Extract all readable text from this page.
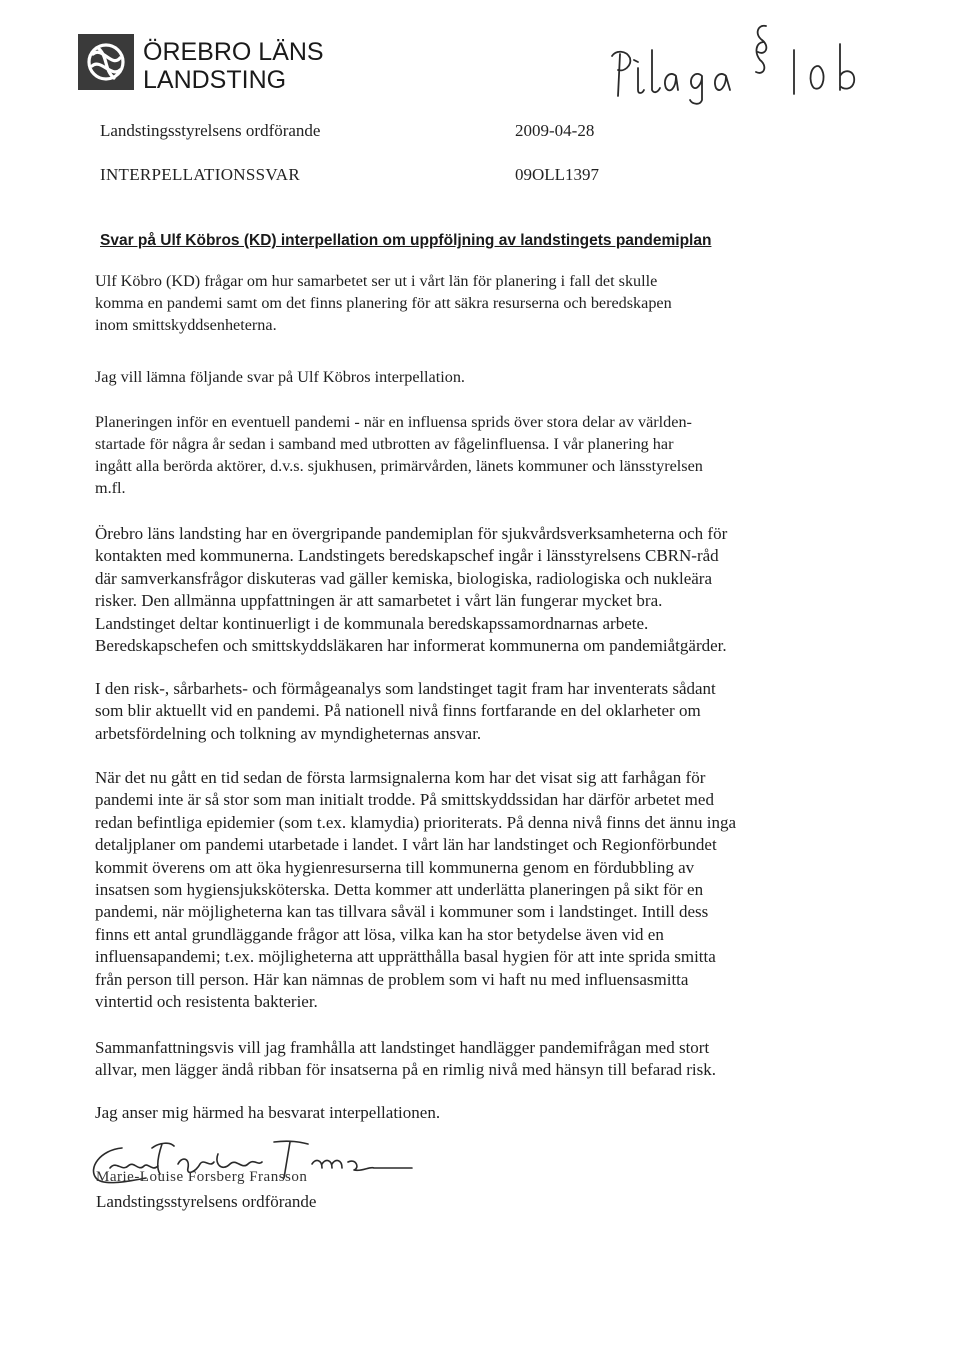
ÖREBRO LÄNS
LANDSTING
Landstingsstyrelsens ordförande	2009-04-28
INTERPELLATIONSSVAR	09OLL1397
Svar på Ulf Köbros (KD) interpellation om uppföljning av landstingets pandemiplan
Ulf Köbro (KD) frågar om hur samarbetet ser ut i vårt län för planering i fall det skulle
komma en pandemi samt om det finns planering för att säkra resurserna och beredskapen
inom smittskyddsenheterna.
Jag vill lämna följande svar på Ulf Köbros interpellation.
Planeringen inför en eventuell pandemi - när en influensa sprids över stora delar av världen-
startade för några år sedan i samband med utbrotten av fågelinfluensa. I vår planering har
ingått alla berörda aktörer, d.v.s. sjukhusen, primärvården, länets kommuner och länsstyrelsen
m.fl.
Örebro läns landsting har en övergripande pandemiplan för sjukvårdsverksamheterna och för
kontakten med kommunerna. Landstingets beredskapschef ingår i länsstyrelsens CBRN-råd
där samverkansfrågor diskuteras vad gäller kemiska, biologiska, radiologiska och nukleära
risker. Den allmänna uppfattningen är att samarbetet i vårt län fungerar mycket bra.
Landstinget deltar kontinuerligt i de kommunala beredskapssamordnarnas arbete.
Beredskapschefen och smittskyddsläkaren har informerat kommunerna om pandemiåtgärder.
I den risk-, sårbarhets- och förmågeanalys som landstinget tagit fram har inventerats sådant
som blir aktuellt vid en pandemi. På nationell nivå finns fortfarande en del oklarheter om
arbetsfördelning och tolkning av myndigheternas ansvar.
När det nu gått en tid sedan de första larmsignalerna kom har det visat sig att farhågan för
pandemi inte är så stor som man initialt trodde. På smittskyddssidan har därför arbetet med
redan befintliga epidemier (som t.ex. klamydia) prioriterats. På denna nivå finns det ännu inga
detaljplaner om pandemi utarbetade i landet. I vårt län har landstinget och Regionförbundet
kommit överens om att öka hygienresurserna till kommunerna genom en fördubbling av
insatsen som hygiensjuksköterska. Detta kommer att underlätta planeringen på sikt för en
pandemi, när möjligheterna kan tas tillvara såväl i kommuner som i landstinget. Intill dess
finns ett antal grundläggande frågor att lösa, vilka kan ha stor betydelse även vid en
influensapandemi; t.ex. möjligheterna att upprätthålla basal hygien för att inte sprida smitta
från person till person. Här kan nämnas de problem som vi haft nu med influensasmitta
vintertid och resistenta bakterier.
Sammanfattningsvis vill jag framhålla att landstinget handlägger pandemifrågan med stort
allvar, men lägger ändå ribban för insatserna på en rimlig nivå med hänsyn till befarad risk.
Jag anser mig härmed ha besvarat interpellationen.
Marie-Louise Forsberg Fransson
Landstingsstyrelsens ordförande
